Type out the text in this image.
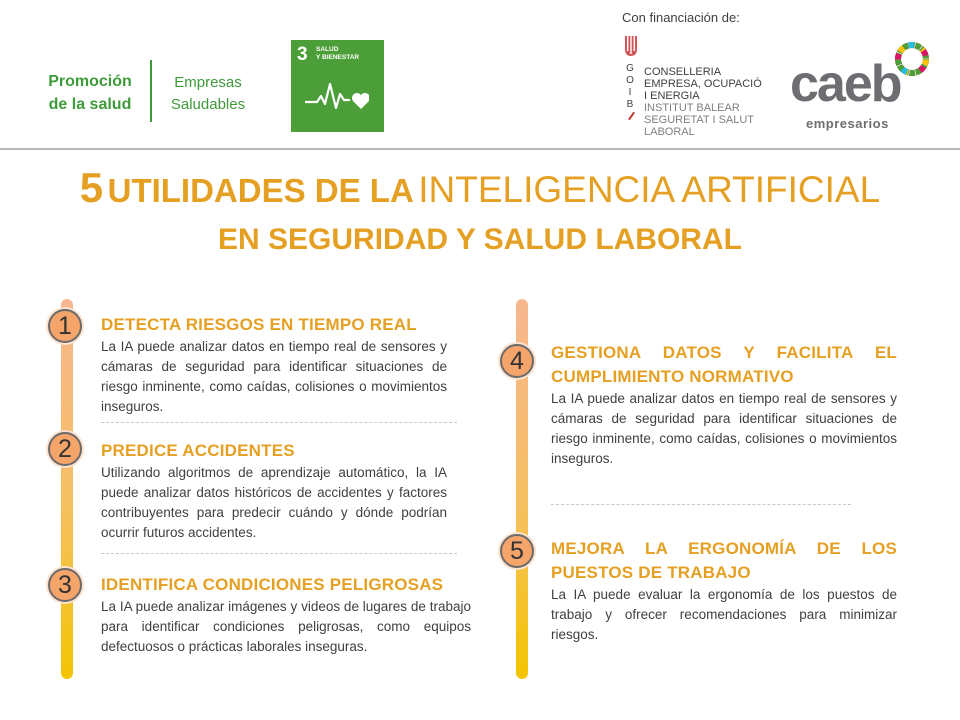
Promoción
de la salud
Empresas
Saludables
3 SALUD
Y BIENESTAR
Con financiación de:
G
O
I
B
CONSELLERIA
EMPRESA, OCUPACIÓ
I ENERGIA
INSTITUT BALEAR
SEGURETAT I SALUT
LABORAL
caeb
empresarios
5 UTILIDADES DE LA INTELIGENCIA ARTIFICIAL
EN SEGURIDAD Y SALUD LABORAL
1	DETECTA RIESGOS EN TIEMPO REAL
La IA puede analizar datos en tiempo real de sensores y cámaras de seguridad para identificar situaciones de riesgo inminente, como caídas, colisiones o movimientos inseguros.
2	PREDICE ACCIDENTES
Utilizando algoritmos de aprendizaje automático, la IA puede analizar datos históricos de accidentes y factores contribuyentes para predecir cuándo y dónde podrían ocurrir futuros accidentes.
3	IDENTIFICA CONDICIONES PELIGROSAS
La IA puede analizar imágenes y videos de lugares de trabajo para identificar condiciones peligrosas, como equipos defectuosos o prácticas laborales inseguras.
4	GESTIONA DATOS Y FACILITA EL CUMPLIMIENTO NORMATIVO
La IA puede analizar datos en tiempo real de sensores y cámaras de seguridad para identificar situaciones de riesgo inminente, como caídas, colisiones o movimientos inseguros.
5	MEJORA LA ERGONOMÍA DE LOS PUESTOS DE TRABAJO
La IA puede evaluar la ergonomía de los puestos de trabajo y ofrecer recomendaciones para minimizar riesgos.
